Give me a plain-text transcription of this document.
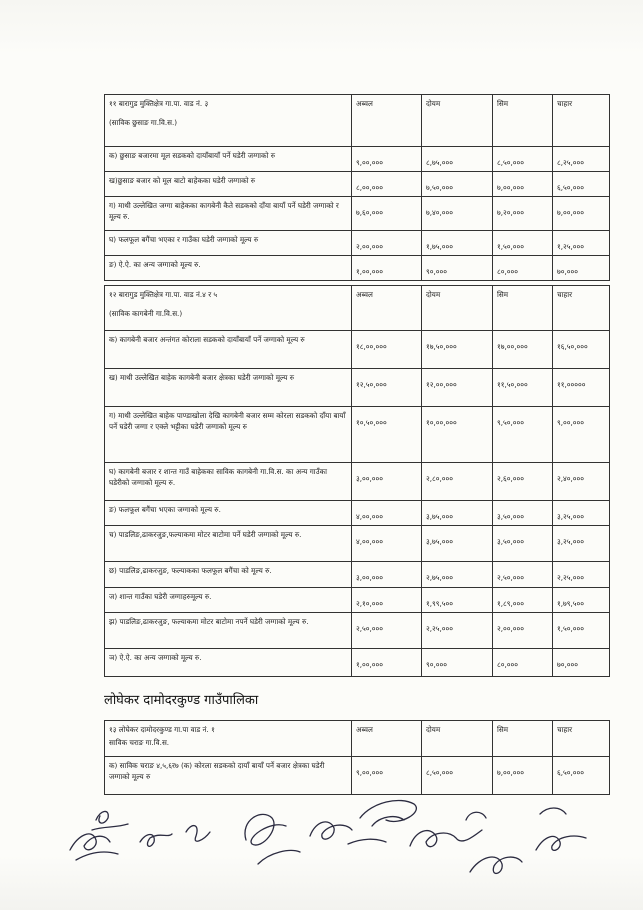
११ बारागुड मुक्तिक्षेत्र गा.पा. वाड नं. ३
(साविक छुसाङ गा.वि.स.)	अब्वल	दोयम	सिम	चाहार
क) छुसाङ बजारमा मूल सडकको दायाँबायाँ पर्ने घडेरी जग्गाको रु	९,००,०००	८,७५,०००	८,५०,०००	८,२५,०००
ख)छुसाङ बजार को मूल बाटो बाहेकका घडेरी जग्गाको रु	८,००,०००	७,५०,०००	७,००,०००	६,५०,०००
ग) माथी उल्लेखित जग्गा बाहेकका कागबेनी कैते सडकको दाँया बायाँ पर्ने घडेरी जग्गाको र मूल्य रु.	७,६०,०००	७,४०,०००	७,२०,०००	७,००,०००
घ) फलफूल बगैंचा भएका र गाउँका घडेरी जग्गाको मूल्य रु	२,००,०००	१,७५,०००	१,५०,०००	१,२५,०००
ङ) ऐ.ऐ. का अन्य जग्गाको मूल्य रु.	१,००,०००	९०,०००	८०,०००	७०,०००
१२ बारागुड मुक्तिक्षेत्र गा.पा. वाड नं.४ र ५
(साविक कागबेनी गा.वि.स.)	अब्वल	दोयम	सिम	चाहार
क) कागबेनी बजार अन्तंगत कोराला सडकको दायाँबायाँ पर्ने जग्गाको मूल्य रु	१८,००,०००	१७,५०,०००	१७,००,०००	१६,५०,०००
ख) माथी उल्लेखित बाहेक कागबेनी बजार क्षेत्रका घडेरी जग्गाको मूल्य रु	१२,५०,०००	१२,००,०००	११,५०,०००	११,०००००
ग) माथी उल्लेखित बाहेक पाण्डाखोला देखि कागबेनी बजार सम्म कोरला सडकको दाँया बायाँ पर्ने घडेरी जग्गा र एक्ले भट्टीका घडेरी जग्गाको मूल्य रु	१०,५०,०००	१०,००,०००	९,५०,०००	९,००,०००
घ) कागबेनी बजार र शान्त गाउँ बाहेकका साविक कागबेनी गा.वि.स. का अन्य गाउँका घडेरीको जग्गाको मूल्य रु.	३,००,०००	२,८०,०००	२,६०,०००	२,४०,०००
ङ) फलफूल बगैंचा भएका जग्गाको मूल्य रु.	४,००,०००	३,७५,०००	३,५०,०००	३,२५,०००
च) पाडलिङ,ढाकरजुङ,फल्याकमा मोटर बाटोमा पर्ने घडेरी जग्गाको मूल्य रु.	४,००,०००	३,७५,०००	३,५०,०००	३,२५,०००
छ) पाडलिङ,ढाकरजुङ, फल्याकका फलफूल बगैंचा को मूल्य रु.	३,००,०००	२,७५,०००	२,५०,०००	२,२५,०००
ज) शान्त गाउँका घडेरी जग्गाहरुमूल्य रु.	२,१०,०००	१,९९,५००	१,८९,०००	१,७९,५००
झ) पाडलिङ,ढाकरजुङ, फल्याकमा मोटर बाटोमा नपर्ने घडेरी जग्गाको मूल्य रु.	२,५०,०००	२,२५,०००	२,००,०००	१,५०,०००
ञ) ऐ.ऐ. का अन्य जग्गाको मूल्य रु.	१,००,०००	९०,०००	८०,०००	७०,०००
लोघेकर दामोदरकुण्ड गाउँपालिका
१३ लोघेकर दामोदरकुण्ड गा.पा वाड नं. १
साविक चराङ गा.वि.स.	अब्वल	दोयम	सिम	चाहार
क) साविक चराङ ४,५,६र७ (क) कोरला सडकको दायाँ बायाँ पर्ने बजार क्षेत्रका घडेरी जग्गाको मूल्य रु	९,००,०००	८,५०,०००	७,००,०००	६,५०,०००
